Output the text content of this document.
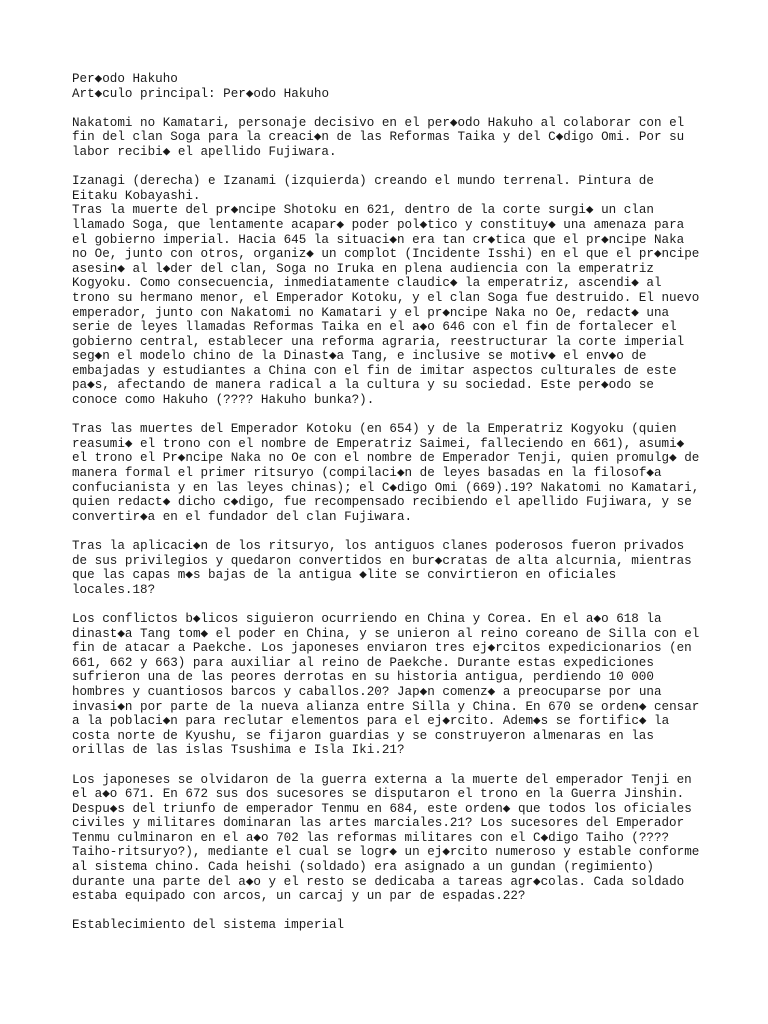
Per◆odo Hakuho
Art◆culo principal: Per◆odo Hakuho
Nakatomi no Kamatari, personaje decisivo en el per◆odo Hakuho al colaborar con el
fin del clan Soga para la creaci◆n de las Reformas Taika y del C◆digo Omi. Por su
labor recibi◆ el apellido Fujiwara.
Izanagi (derecha) e Izanami (izquierda) creando el mundo terrenal. Pintura de
Eitaku Kobayashi.
Tras la muerte del pr◆ncipe Shotoku en 621, dentro de la corte surgi◆ un clan
llamado Soga, que lentamente acapar◆ poder pol◆tico y constituy◆ una amenaza para
el gobierno imperial. Hacia 645 la situaci◆n era tan cr◆tica que el pr◆ncipe Naka
no Oe, junto con otros, organiz◆ un complot (Incidente Isshi) en el que el pr◆ncipe
asesin◆ al l◆der del clan, Soga no Iruka en plena audiencia con la emperatriz
Kogyoku. Como consecuencia, inmediatamente claudic◆ la emperatriz, ascendi◆ al
trono su hermano menor, el Emperador Kotoku, y el clan Soga fue destruido. El nuevo
emperador, junto con Nakatomi no Kamatari y el pr◆ncipe Naka no Oe, redact◆ una
serie de leyes llamadas Reformas Taika en el a◆o 646 con el fin de fortalecer el
gobierno central, establecer una reforma agraria, reestructurar la corte imperial
seg◆n el modelo chino de la Dinast◆a Tang, e inclusive se motiv◆ el env◆o de
embajadas y estudiantes a China con el fin de imitar aspectos culturales de este
pa◆s, afectando de manera radical a la cultura y su sociedad. Este per◆odo se
conoce como Hakuho (???? Hakuho bunka?).
Tras las muertes del Emperador Kotoku (en 654) y de la Emperatriz Kogyoku (quien
reasumi◆ el trono con el nombre de Emperatriz Saimei, falleciendo en 661), asumi◆
el trono el Pr◆ncipe Naka no Oe con el nombre de Emperador Tenji, quien promulg◆ de
manera formal el primer ritsuryo (compilaci◆n de leyes basadas en la filosof◆a
confucianista y en las leyes chinas); el C◆digo Omi (669).19? Nakatomi no Kamatari,
quien redact◆ dicho c◆digo, fue recompensado recibiendo el apellido Fujiwara, y se
convertir◆a en el fundador del clan Fujiwara.
Tras la aplicaci◆n de los ritsuryo, los antiguos clanes poderosos fueron privados
de sus privilegios y quedaron convertidos en bur◆cratas de alta alcurnia, mientras
que las capas m◆s bajas de la antigua ◆lite se convirtieron en oficiales
locales.18?
Los conflictos b◆licos siguieron ocurriendo en China y Corea. En el a◆o 618 la
dinast◆a Tang tom◆ el poder en China, y se unieron al reino coreano de Silla con el
fin de atacar a Paekche. Los japoneses enviaron tres ej◆rcitos expedicionarios (en
661, 662 y 663) para auxiliar al reino de Paekche. Durante estas expediciones
sufrieron una de las peores derrotas en su historia antigua, perdiendo 10 000
hombres y cuantiosos barcos y caballos.20? Jap◆n comenz◆ a preocuparse por una
invasi◆n por parte de la nueva alianza entre Silla y China. En 670 se orden◆ censar
a la poblaci◆n para reclutar elementos para el ej◆rcito. Adem◆s se fortific◆ la
costa norte de Kyushu, se fijaron guardias y se construyeron almenaras en las
orillas de las islas Tsushima e Isla Iki.21?
Los japoneses se olvidaron de la guerra externa a la muerte del emperador Tenji en
el a◆o 671. En 672 sus dos sucesores se disputaron el trono en la Guerra Jinshin.
Despu◆s del triunfo de emperador Tenmu en 684, este orden◆ que todos los oficiales
civiles y militares dominaran las artes marciales.21? Los sucesores del Emperador
Tenmu culminaron en el a◆o 702 las reformas militares con el C◆digo Taiho (????
Taiho-ritsuryo?), mediante el cual se logr◆ un ej◆rcito numeroso y estable conforme
al sistema chino. Cada heishi (soldado) era asignado a un gundan (regimiento)
durante una parte del a◆o y el resto se dedicaba a tareas agr◆colas. Cada soldado
estaba equipado con arcos, un carcaj y un par de espadas.22?
Establecimiento del sistema imperial
